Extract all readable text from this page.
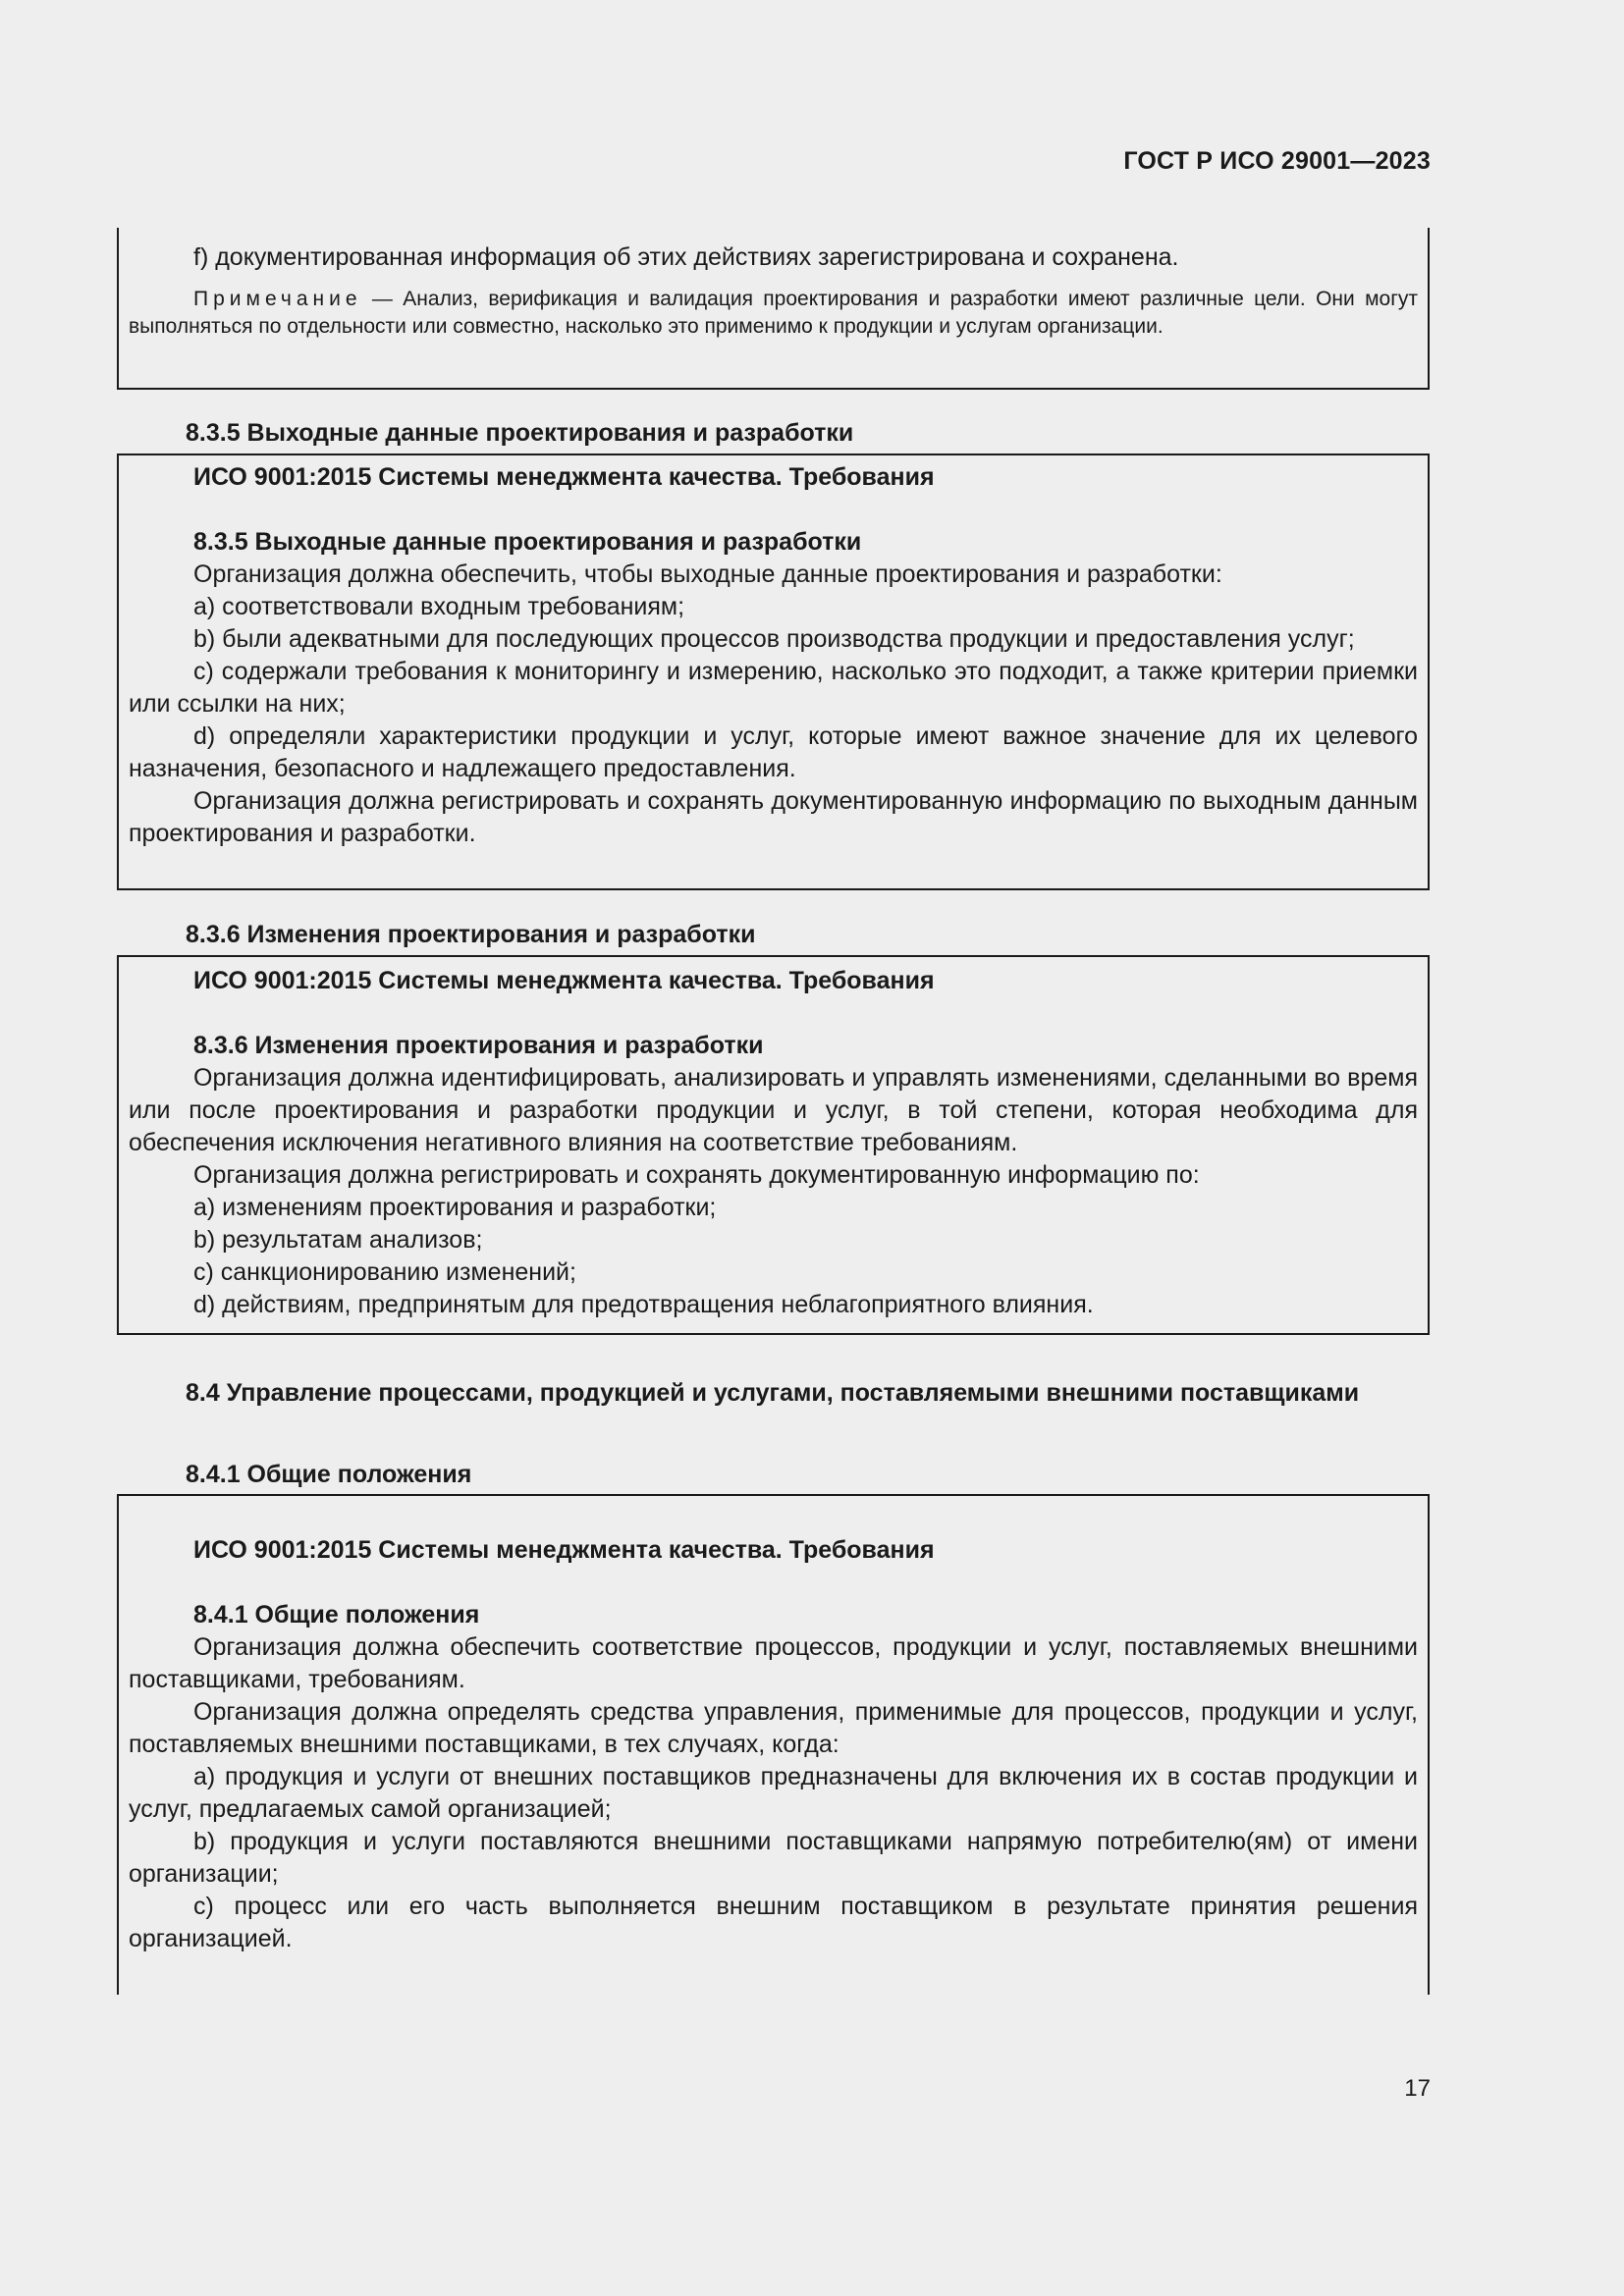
ГОСТ Р ИСО 29001—2023

f) документированная информация об этих действиях зарегистрирована и сохранена.

Примечание — Анализ, верификация и валидация проектирования и разработки имеют различные цели. Они могут выполняться по отдельности или совместно, насколько это применимо к продукции и услугам организации.

8.3.5 Выходные данные проектирования и разработки

ИСО 9001:2015 Системы менеджмента качества. Требования

8.3.5 Выходные данные проектирования и разработки

Организация должна обеспечить, чтобы выходные данные проектирования и разработки:

a) соответствовали входным требованиям;

b) были адекватными для последующих процессов производства продукции и предоставления услуг;

c) содержали требования к мониторингу и измерению, насколько это подходит, а также критерии приемки или ссылки на них;

d) определяли характеристики продукции и услуг, которые имеют важное значение для их целевого назначения, безопасного и надлежащего предоставления.

Организация должна регистрировать и сохранять документированную информацию по выходным данным проектирования и разработки.

8.3.6 Изменения проектирования и разработки

ИСО 9001:2015 Системы менеджмента качества. Требования

8.3.6 Изменения проектирования и разработки

Организация должна идентифицировать, анализировать и управлять изменениями, сделанными во время или после проектирования и разработки продукции и услуг, в той степени, которая необходима для обеспечения исключения негативного влияния на соответствие требованиям.

Организация должна регистрировать и сохранять документированную информацию по:

a) изменениям проектирования и разработки;

b) результатам анализов;

c) санкционированию изменений;

d) действиям, предпринятым для предотвращения неблагоприятного влияния.

8.4 Управление процессами, продукцией и услугами, поставляемыми внешними поставщиками
8.4.1 Общие положения

ИСО 9001:2015 Системы менеджмента качества. Требования

8.4.1 Общие положения

Организация должна обеспечить соответствие процессов, продукции и услуг, поставляемых внешними поставщиками, требованиям.

Организация должна определять средства управления, применимые для процессов, продукции и услуг, поставляемых внешними поставщиками, в тех случаях, когда:

a) продукция и услуги от внешних поставщиков предназначены для включения их в состав продукции и услуг, предлагаемых самой организацией;

b) продукция и услуги поставляются внешними поставщиками напрямую потребителю(ям) от имени организации;

c) процесс или его часть выполняется внешним поставщиком в результате принятия решения организацией.

17
